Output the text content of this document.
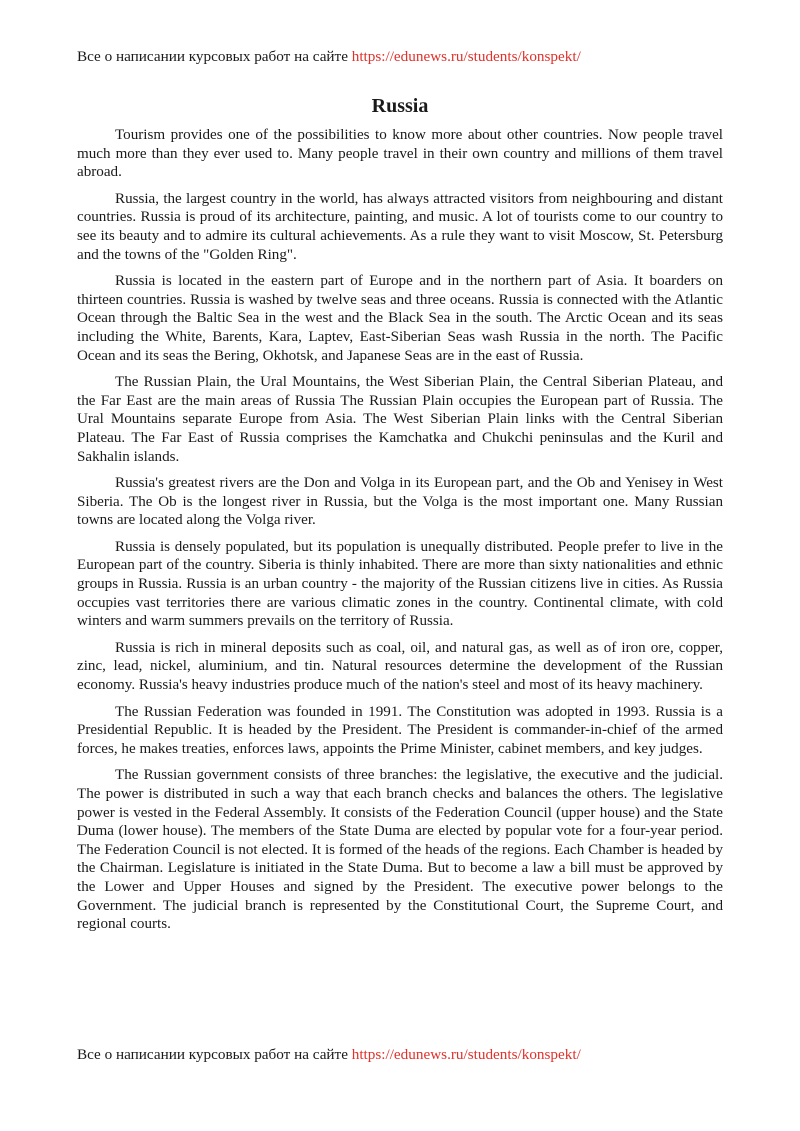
Все о написании курсовых работ на сайте https://edunews.ru/students/konspekt/
Russia

Tourism provides one of the possibilities to know more about other countries. Now people travel much more than they ever used to. Many people travel in their own country and millions of them travel abroad.

Russia, the largest country in the world, has always attracted visitors from neighbouring and distant countries. Russia is proud of its architecture, painting, and music. A lot of tourists come to our country to see its beauty and to admire its cultural achievements. As a rule they want to visit Moscow, St. Petersburg and the towns of the "Golden Ring".

Russia is located in the eastern part of Europe and in the northern part of Asia. It boarders on thirteen countries. Russia is washed by twelve seas and three oceans. Russia is connected with the Atlantic Ocean through the Baltic Sea in the west and the Black Sea in the south. The Arctic Ocean and its seas including the White, Barents, Kara, Laptev, East-Siberian Seas wash Russia in the north. The Pacific Ocean and its seas the Bering, Okhotsk, and Japanese Seas are in the east of Russia.

The Russian Plain, the Ural Mountains, the West Siberian Plain, the Central Siberian Plateau, and the Far East are the main areas of Russia The Russian Plain occupies the European part of Russia. The Ural Mountains separate Europe from Asia. The West Siberian Plain links with the Central Siberian Plateau. The Far East of Russia comprises the Kamchatka and Chukchi peninsulas and the Kuril and Sakhalin islands.

Russia's greatest rivers are the Don and Volga in its European part, and the Ob and Yenisey in West Siberia. The Ob is the longest river in Russia, but the Volga is the most important one. Many Russian towns are located along the Volga river.

Russia is densely populated, but its population is unequally distributed. People prefer to live in the European part of the country. Siberia is thinly inhabited. There are more than sixty nationalities and ethnic groups in Russia. Russia is an urban country - the majority of the Russian citizens live in cities. As Russia occupies vast territories there are various climatic zones in the country. Continental climate, with cold winters and warm summers prevails on the territory of Russia.

Russia is rich in mineral deposits such as coal, oil, and natural gas, as well as of iron ore, copper, zinc, lead, nickel, aluminium, and tin. Natural resources determine the development of the Russian economy. Russia's heavy industries produce much of the nation's steel and most of its heavy machinery.

The Russian Federation was founded in 1991. The Constitution was adopted in 1993. Russia is a Presidential Republic. It is headed by the President. The President is commander-in-chief of the armed forces, he makes treaties, enforces laws, appoints the Prime Minister, cabinet members, and key judges.

The Russian government consists of three branches: the legislative, the executive and the judicial. The power is distributed in such a way that each branch checks and balances the others. The legislative power is vested in the Federal Assembly. It consists of the Federation Council (upper house) and the State Duma (lower house). The members of the State Duma are elected by popular vote for a four-year period. The Federation Council is not elected. It is formed of the heads of the regions. Each Chamber is headed by the Chairman. Legislature is initiated in the State Duma. But to become a law a bill must be approved by the Lower and Upper Houses and signed by the President. The executive power belongs to the Government. The judicial branch is represented by the Constitutional Court, the Supreme Court, and regional courts.

Все о написании курсовых работ на сайте https://edunews.ru/students/konspekt/
